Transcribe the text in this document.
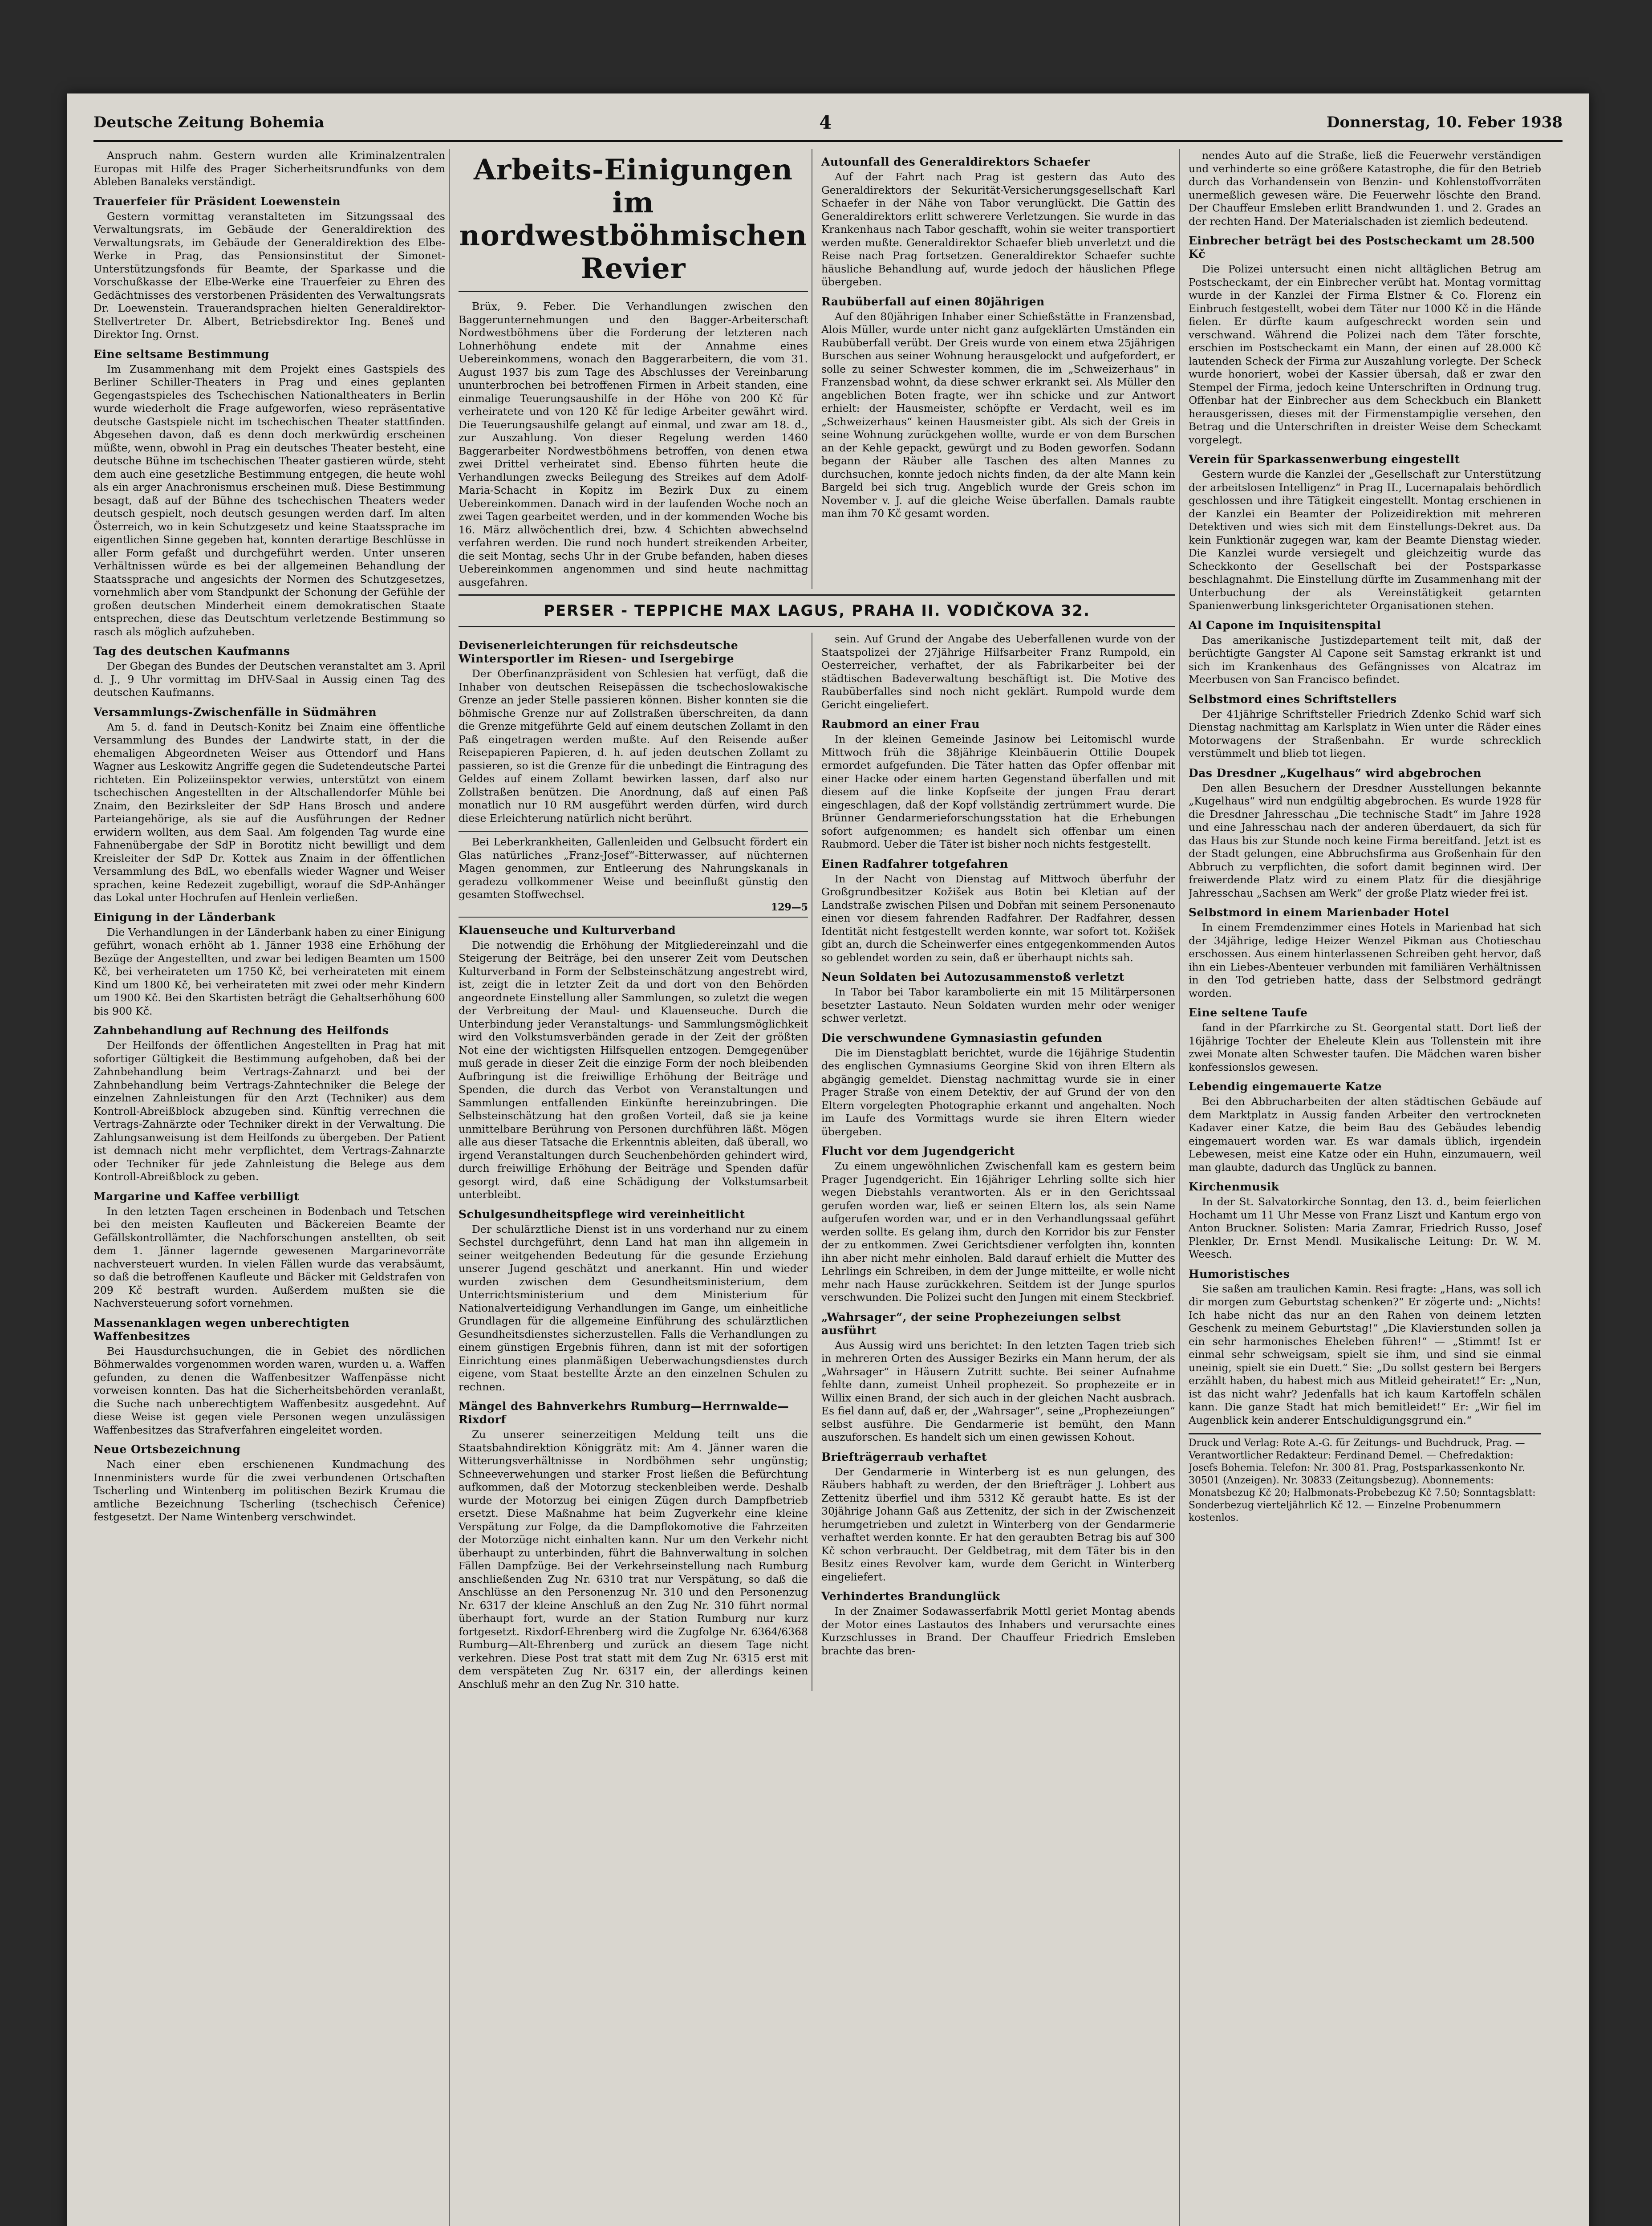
Deutsche Zeitung Bohemia	4	Donnerstag, 10. Feber 1938

Anspruch nahm. Gestern wurden alle Kriminalzentralen Europas mit Hilfe des Prager Sicherheitsrundfunks von dem Ableben Banaleks verständigt.

Trauerfeier für Präsident Loewenstein

Gestern vormittag veranstalteten im Sitzungssaal des Verwaltungsrats, im Gebäude der Generaldirektion des Verwaltungsrats, im Gebäude der Generaldirektion des Elbe-Werke in Prag, das Pensionsinstitut der Simonet-Unterstützungsfonds für Beamte, der Sparkasse und die Vorschußkasse der Elbe-Werke eine Trauerfeier zu Ehren des Gedächtnisses des verstorbenen Präsidenten des Verwaltungsrats Dr. Loewenstein. Trauerandsprachen hielten Generaldirektor-Stellvertreter Dr. Albert, Betriebsdirektor Ing. Beneš und Direktor Ing. Ornst.

Eine seltsame Bestimmung

Im Zusammenhang mit dem Projekt eines Gastspiels des Berliner Schiller-Theaters in Prag und eines geplanten Gegengastspieles des Tschechischen Nationaltheaters in Berlin wurde wiederholt die Frage aufgeworfen, wieso repräsentative deutsche Gastspiele nicht im tschechischen Theater stattfinden. Abgesehen davon, daß es denn doch merkwürdig erscheinen müßte, wenn, obwohl in Prag ein deutsches Theater besteht, eine deutsche Bühne im tschechischen Theater gastieren würde, steht dem auch eine gesetzliche Bestimmung entgegen, die heute wohl als ein arger Anachronismus erscheinen muß. Diese Bestimmung besagt, daß auf der Bühne des tschechischen Theaters weder deutsch gespielt, noch deutsch gesungen werden darf. Im alten Österreich, wo in kein Schutzgesetz und keine Staatssprache im eigentlichen Sinne gegeben hat, konnten derartige Beschlüsse in aller Form gefaßt und durchgeführt werden. Unter unseren Verhältnissen würde es bei der allgemeinen Behandlung der Staatssprache und angesichts der Normen des Schutzgesetzes, vornehmlich aber vom Standpunkt der Schonung der Gefühle der großen deutschen Minderheit einem demokratischen Staate entsprechen, diese das Deutschtum verletzende Bestimmung so rasch als möglich aufzuheben.

Tag des deutschen Kaufmanns

Der Gbegan des Bundes der Deutschen veranstaltet am 3. April d. J., 9 Uhr vormittag im DHV-Saal in Aussig einen Tag des deutschen Kaufmanns.

Versammlungs-Zwischenfälle in Südmähren

Am 5. d. fand in Deutsch-Konitz bei Znaim eine öffentliche Versammlung des Bundes der Landwirte statt, in der die ehemaligen Abgeordneten Weiser aus Ottendorf und Hans Wagner aus Leskowitz Angriffe gegen die Sudetendeutsche Partei richteten. Ein Polizeiinspektor verwies, unterstützt von einem tschechischen Angestellten in der Altschallendorfer Mühle bei Znaim, den Bezirksleiter der SdP Hans Brosch und andere Parteiangehörige, als sie auf die Ausführungen der Redner erwidern wollten, aus dem Saal. Am folgenden Tag wurde eine Fahnenübergabe der SdP in Borotitz nicht bewilligt und dem Kreisleiter der SdP Dr. Kottek aus Znaim in der öffentlichen Versammlung des BdL, wo ebenfalls wieder Wagner und Weiser sprachen, keine Redezeit zugebilligt, worauf die SdP-Anhänger das Lokal unter Hochrufen auf Henlein verließen.

Einigung in der Länderbank

Die Verhandlungen in der Länderbank haben zu einer Einigung geführt, wonach erhöht ab 1. Jänner 1938 eine Erhöhung der Bezüge der Angestellten, und zwar bei ledigen Beamten um 1500 Kč, bei verheirateten um 1750 Kč, bei verheirateten mit einem Kind um 1800 Kč, bei verheirateten mit zwei oder mehr Kindern um 1900 Kč. Bei den Skartisten beträgt die Gehaltserhöhung 600 bis 900 Kč.

Zahnbehandlung auf Rechnung des Heilfonds

Der Heilfonds der öffentlichen Angestellten in Prag hat mit sofortiger Gültigkeit die Bestimmung aufgehoben, daß bei der Zahnbehandlung beim Vertrags-Zahnarzt und bei der Zahnbehandlung beim Vertrags-Zahntechniker die Belege der einzelnen Zahnleistungen für den Arzt (Techniker) aus dem Kontroll-Abreißblock abzugeben sind. Künftig verrechnen die Vertrags-Zahnärzte oder Techniker direkt in der Verwaltung. Die Zahlungsanweisung ist dem Heilfonds zu übergeben. Der Patient ist demnach nicht mehr verpflichtet, dem Vertrags-Zahnarzte oder Techniker für jede Zahnleistung die Belege aus dem Kontroll-Abreißblock zu geben.

Margarine und Kaffee verbilligt

In den letzten Tagen erscheinen in Bodenbach und Tetschen bei den meisten Kaufleuten und Bäckereien Beamte der Gefällskontrollämter, die Nachforschungen anstellten, ob seit dem 1. Jänner lagernde gewesenen Margarinevorräte nachversteuert wurden. In vielen Fällen wurde das verabsäumt, so daß die betroffenen Kaufleute und Bäcker mit Geldstrafen von 209 Kč bestraft wurden. Außerdem mußten sie die Nachversteuerung sofort vornehmen.

Massenanklagen wegen unberechtigten Waffenbesitzes

Bei Hausdurchsuchungen, die in Gebiet des nördlichen Böhmerwaldes vorgenommen worden waren, wurden u. a. Waffen gefunden, zu denen die Waffenbesitzer Waffenpässe nicht vorweisen konnten. Das hat die Sicherheitsbehörden veranlaßt, die Suche nach unberechtigtem Waffenbesitz ausgedehnt. Auf diese Weise ist gegen viele Personen wegen unzulässigen Waffenbesitzes das Strafverfahren eingeleitet worden.

Neue Ortsbezeichnung

Nach einer eben erschienenen Kundmachung des Innenministers wurde für die zwei verbundenen Ortschaften Tscherling und Wintenberg im politischen Bezirk Krumau die amtliche Bezeichnung Tscherling (tschechisch Čeřenice) festgesetzt. Der Name Wintenberg verschwindet.

Arbeits-Einigungen im nordwestböhmischen Revier

Brüx, 9. Feber. Die Verhandlungen zwischen den Baggerunternehmungen und den Bagger-Arbeiterschaft Nordwestböhmens über die Forderung der letzteren nach Lohnerhöhung endete mit der Annahme eines Uebereinkommens, wonach den Baggerarbeitern, die vom 31. August 1937 bis zum Tage des Abschlusses der Vereinbarung ununterbrochen bei betroffenen Firmen in Arbeit standen, eine einmalige Teuerungsaushilfe in der Höhe von 200 Kč für verheiratete und von 120 Kč für ledige Arbeiter gewährt wird. Die Teuerungsaushilfe gelangt auf einmal, und zwar am 18. d., zur Auszahlung. Von dieser Regelung werden 1460 Baggerarbeiter Nordwestböhmens betroffen, von denen etwa zwei Drittel verheiratet sind. Ebenso führten heute die Verhandlungen zwecks Beilegung des Streikes auf dem Adolf-Maria-Schacht in Kopitz im Bezirk Dux zu einem Uebereinkommen. Danach wird in der laufenden Woche noch an zwei Tagen gearbeitet werden, und in der kommenden Woche bis 16. März allwöchentlich drei, bzw. 4 Schichten abwechselnd verfahren werden. Die rund noch hundert streikenden Arbeiter, die seit Montag, sechs Uhr in der Grube befanden, haben dieses Uebereinkommen angenommen und sind heute nachmittag ausgefahren.

Autounfall des Generaldirektors Schaefer

Auf der Fahrt nach Prag ist gestern das Auto des Generaldirektors der Sekurität-Versicherungsgesellschaft Karl Schaefer in der Nähe von Tabor verunglückt. Die Gattin des Generaldirektors erlitt schwerere Verletzungen. Sie wurde in das Krankenhaus nach Tabor geschafft, wohin sie weiter transportiert werden mußte. Generaldirektor Schaefer blieb unverletzt und die Reise nach Prag fortsetzen. Generaldirektor Schaefer suchte häusliche Behandlung auf, wurde jedoch der häuslichen Pflege übergeben.

Raubüberfall auf einen 80jährigen

Auf den 80jährigen Inhaber einer Schießstätte in Franzensbad, Alois Müller, wurde unter nicht ganz aufgeklärten Umständen ein Raubüberfall verübt. Der Greis wurde von einem etwa 25jährigen Burschen aus seiner Wohnung herausgelockt und aufgefordert, er solle zu seiner Schwester kommen, die im „Schweizerhaus“ in Franzensbad wohnt, da diese schwer erkrankt sei. Als Müller den angeblichen Boten fragte, wer ihn schicke und zur Antwort erhielt: der Hausmeister, schöpfte er Verdacht, weil es im „Schweizerhaus“ keinen Hausmeister gibt. Als sich der Greis in seine Wohnung zurückgehen wollte, wurde er von dem Burschen an der Kehle gepackt, gewürgt und zu Boden geworfen. Sodann begann der Räuber alle Taschen des alten Mannes zu durchsuchen, konnte jedoch nichts finden, da der alte Mann kein Bargeld bei sich trug. Angeblich wurde der Greis schon im November v. J. auf die gleiche Weise überfallen. Damals raubte man ihm 70 Kč gesamt worden.

PERSER - TEPPICHE MAX LAGUS, PRAHA II. VODIČKOVA 32.
Devisenerleichterungen für reichsdeutsche Wintersportler im Riesen- und Isergebirge

Der Oberfinanzpräsident von Schlesien hat verfügt, daß die Inhaber von deutschen Reisepässen die tschechoslowakische Grenze an jeder Stelle passieren können. Bisher konnten sie die böhmische Grenze nur auf Zollstraßen überschreiten, da dann die Grenze mitgeführte Geld auf einem deutschen Zollamt in den Paß eingetragen werden mußte. Auf den Reisende außer Reisepapieren Papieren, d. h. auf jeden deutschen Zollamt zu passieren, so ist die Grenze für die unbedingt die Eintragung des Geldes auf einem Zollamt bewirken lassen, darf also nur Zollstraßen benützen. Die Anordnung, daß auf einen Paß monatlich nur 10 RM ausgeführt werden dürfen, wird durch diese Erleichterung natürlich nicht berührt.

Bei Leberkrankheiten, Gallenleiden und Gelbsucht fördert ein Glas natürliches „Franz-Josef“-Bitterwasser, auf nüchternen Magen genommen, zur Entleerung des Nahrungskanals in geradezu vollkommener Weise und beeinflußt günstig den gesamten Stoffwechsel.

129—5
Klauenseuche und Kulturverband

Die notwendig die Erhöhung der Mitgliedereinzahl und die Steigerung der Beiträge, bei den unserer Zeit vom Deutschen Kulturverband in Form der Selbsteinschätzung angestrebt wird, ist, zeigt die in letzter Zeit da und dort von den Behörden angeordnete Einstellung aller Sammlungen, so zuletzt die wegen der Verbreitung der Maul- und Klauenseuche. Durch die Unterbindung jeder Veranstaltungs- und Sammlungsmöglichkeit wird den Volkstumsverbänden gerade in der Zeit der größten Not eine der wichtigsten Hilfsquellen entzogen. Demgegenüber muß gerade in dieser Zeit die einzige Form der noch bleibenden Aufbringung ist die freiwillige Erhöhung der Beiträge und Spenden, die durch das Verbot von Veranstaltungen und Sammlungen entfallenden Einkünfte hereinzubringen. Die Selbsteinschätzung hat den großen Vorteil, daß sie ja keine unmittelbare Berührung von Personen durchführen läßt. Mögen alle aus dieser Tatsache die Erkenntnis ableiten, daß überall, wo irgend Veranstaltungen durch Seuchenbehörden gehindert wird, durch freiwillige Erhöhung der Beiträge und Spenden dafür gesorgt wird, daß eine Schädigung der Volkstumsarbeit unterbleibt.

Schulgesundheitspflege wird vereinheitlicht

Der schulärztliche Dienst ist in uns vorderhand nur zu einem Sechstel durchgeführt, denn Land hat man ihn allgemein in seiner weitgehenden Bedeutung für die gesunde Erziehung unserer Jugend geschätzt und anerkannt. Hin und wieder wurden zwischen dem Gesundheitsministerium, dem Unterrichtsministerium und dem Ministerium für Nationalverteidigung Verhandlungen im Gange, um einheitliche Grundlagen für die allgemeine Einführung des schulärztlichen Gesundheitsdienstes sicherzustellen. Falls die Verhandlungen zu einem günstigen Ergebnis führen, dann ist mit der sofortigen Einrichtung eines planmäßigen Ueberwachungsdienstes durch eigene, vom Staat bestellte Ärzte an den einzelnen Schulen zu rechnen.

Mängel des Bahnverkehrs Rumburg—Herrnwalde—Rixdorf

Zu unserer seinerzeitigen Meldung teilt uns die Staatsbahndirektion Königgrätz mit: Am 4. Jänner waren die Witterungsverhältnisse in Nordböhmen sehr ungünstig; Schneeverwehungen und starker Frost ließen die Befürchtung aufkommen, daß der Motorzug steckenbleiben werde. Deshalb wurde der Motorzug bei einigen Zügen durch Dampfbetrieb ersetzt. Diese Maßnahme hat beim Zugverkehr eine kleine Verspätung zur Folge, da die Dampflokomotive die Fahrzeiten der Motorzüge nicht einhalten kann. Nur um den Verkehr nicht überhaupt zu unterbinden, führt die Bahnverwaltung in solchen Fällen Dampfzüge. Bei der Verkehrseinstellung nach Rumburg anschließenden Zug Nr. 6310 trat nur Verspätung, so daß die Anschlüsse an den Personenzug Nr. 310 und den Personenzug Nr. 6317 der kleine Anschluß an den Zug Nr. 310 führt normal überhaupt fort, wurde an der Station Rumburg nur kurz fortgesetzt. Rixdorf-Ehrenberg wird die Zugfolge Nr. 6364/6368 Rumburg—Alt-Ehrenberg und zurück an diesem Tage nicht verkehren. Diese Post trat statt mit dem Zug Nr. 6315 erst mit dem verspäteten Zug Nr. 6317 ein, der allerdings keinen Anschluß mehr an den Zug Nr. 310 hatte.

sein. Auf Grund der Angabe des Ueberfallenen wurde von der Staatspolizei der 27jährige Hilfsarbeiter Franz Rumpold, ein Oesterreicher, verhaftet, der als Fabrikarbeiter bei der städtischen Badeverwaltung beschäftigt ist. Die Motive des Raubüberfalles sind noch nicht geklärt. Rumpold wurde dem Gericht eingeliefert.

Raubmord an einer Frau

In der kleinen Gemeinde Jasinow bei Leitomischl wurde Mittwoch früh die 38jährige Kleinbäuerin Ottilie Doupek ermordet aufgefunden. Die Täter hatten das Opfer offenbar mit einer Hacke oder einem harten Gegenstand überfallen und mit diesem auf die linke Kopfseite der jungen Frau derart eingeschlagen, daß der Kopf vollständig zertrümmert wurde. Die Brünner Gendarmerieforschungsstation hat die Erhebungen sofort aufgenommen; es handelt sich offenbar um einen Raubmord. Ueber die Täter ist bisher noch nichts festgestellt.

Einen Radfahrer totgefahren

In der Nacht von Dienstag auf Mittwoch überfuhr der Großgrundbesitzer Kožišek aus Botin bei Kletian auf der Landstraße zwischen Pilsen und Dobřan mit seinem Personenauto einen vor diesem fahrenden Radfahrer. Der Radfahrer, dessen Identität nicht festgestellt werden konnte, war sofort tot. Kožišek gibt an, durch die Scheinwerfer eines entgegenkommenden Autos so geblendet worden zu sein, daß er überhaupt nichts sah.

Neun Soldaten bei Autozusammenstoß verletzt

In Tabor bei Tabor karambolierte ein mit 15 Militärpersonen besetzter Lastauto. Neun Soldaten wurden mehr oder weniger schwer verletzt.

Die verschwundene Gymnasiastin gefunden

Die im Dienstagblatt berichtet, wurde die 16jährige Studentin des englischen Gymnasiums Georgine Skid von ihren Eltern als abgängig gemeldet. Dienstag nachmittag wurde sie in einer Prager Straße von einem Detektiv, der auf Grund der von den Eltern vorgelegten Photographie erkannt und angehalten. Noch im Laufe des Vormittags wurde sie ihren Eltern wieder übergeben.

Flucht vor dem Jugendgericht

Zu einem ungewöhnlichen Zwischenfall kam es gestern beim Prager Jugendgericht. Ein 16jähriger Lehrling sollte sich hier wegen Diebstahls verantworten. Als er in den Gerichtssaal gerufen worden war, ließ er seinen Eltern los, als sein Name aufgerufen worden war, und er in den Verhandlungssaal geführt werden sollte. Es gelang ihm, durch den Korridor bis zur Fenster der zu entkommen. Zwei Gerichtsdiener verfolgten ihn, konnten ihn aber nicht mehr einholen. Bald darauf erhielt die Mutter des Lehrlings ein Schreiben, in dem der Junge mitteilte, er wolle nicht mehr nach Hause zurückkehren. Seitdem ist der Junge spurlos verschwunden. Die Polizei sucht den Jungen mit einem Steckbrief.

„Wahrsager“, der seine Prophezeiungen selbst ausführt

Aus Aussig wird uns berichtet: In den letzten Tagen trieb sich in mehreren Orten des Aussiger Bezirks ein Mann herum, der als „Wahrsager“ in Häusern Zutritt suchte. Bei seiner Aufnahme fehlte dann, zumeist Unheil prophezeit. So prophezeite er in Willix einen Brand, der sich auch in der gleichen Nacht ausbrach. Es fiel dann auf, daß er, der „Wahrsager“, seine „Prophezeiungen“ selbst ausführe. Die Gendarmerie ist bemüht, den Mann auszuforschen. Es handelt sich um einen gewissen Kohout.

Briefträgerraub verhaftet

Der Gendarmerie in Winterberg ist es nun gelungen, des Räubers habhaft zu werden, der den Briefträger J. Lohbert aus Zettenitz überfiel und ihm 5312 Kč geraubt hatte. Es ist der 30jährige Johann Gaß aus Zettenitz, der sich in der Zwischenzeit herumgetrieben und zuletzt in Winterberg von der Gendarmerie verhaftet werden konnte. Er hat den geraubten Betrag bis auf 300 Kč schon verbraucht. Der Geldbetrag, mit dem Täter bis in den Besitz eines Revolver kam, wurde dem Gericht in Winterberg eingeliefert.

Verhindertes Brandunglück

In der Znaimer Sodawasserfabrik Mottl geriet Montag abends der Motor eines Lastautos des Inhabers und verursachte eines Kurzschlusses in Brand. Der Chauffeur Friedrich Emsleben brachte das bren-

nendes Auto auf die Straße, ließ die Feuerwehr verständigen und verhinderte so eine größere Katastrophe, die für den Betrieb durch das Vorhandensein von Benzin- und Kohlenstoffvorräten unermeßlich gewesen wäre. Die Feuerwehr löschte den Brand. Der Chauffeur Emsleben erlitt Brandwunden 1. und 2. Grades an der rechten Hand. Der Materialschaden ist ziemlich bedeutend.

Einbrecher beträgt bei des Postscheckamt um 28.500 Kč

Die Polizei untersucht einen nicht alltäglichen Betrug am Postscheckamt, der ein Einbrecher verübt hat. Montag vormittag wurde in der Kanzlei der Firma Elstner & Co. Florenz ein Einbruch festgestellt, wobei dem Täter nur 1000 Kč in die Hände fielen. Er dürfte kaum aufgeschreckt worden sein und verschwand. Während die Polizei nach dem Täter forschte, erschien im Postscheckamt ein Mann, der einen auf 28.000 Kč lautenden Scheck der Firma zur Auszahlung vorlegte. Der Scheck wurde honoriert, wobei der Kassier übersah, daß er zwar den Stempel der Firma, jedoch keine Unterschriften in Ordnung trug. Offenbar hat der Einbrecher aus dem Scheckbuch ein Blankett herausgerissen, dieses mit der Firmenstampiglie versehen, den Betrag und die Unterschriften in dreister Weise dem Scheckamt vorgelegt.

Verein für Sparkassenwerbung eingestellt

Gestern wurde die Kanzlei der „Gesellschaft zur Unterstützung der arbeitslosen Intelligenz“ in Prag II., Lucernapalais behördlich geschlossen und ihre Tätigkeit eingestellt. Montag erschienen in der Kanzlei ein Beamter der Polizeidirektion mit mehreren Detektiven und wies sich mit dem Einstellungs-Dekret aus. Da kein Funktionär zugegen war, kam der Beamte Dienstag wieder. Die Kanzlei wurde versiegelt und gleichzeitig wurde das Scheckkonto der Gesellschaft bei der Postsparkasse beschlagnahmt. Die Einstellung dürfte im Zusammenhang mit der Unterbuchung der als Vereinstätigkeit getarnten Spanienwerbung linksgerichteter Organisationen stehen.

Al Capone im Inquisitenspital

Das amerikanische Justizdepartement teilt mit, daß der berüchtigte Gangster Al Capone seit Samstag erkrankt ist und sich im Krankenhaus des Gefängnisses von Alcatraz im Meerbusen von San Francisco befindet.

Selbstmord eines Schriftstellers

Der 41jährige Schriftsteller Friedrich Zdenko Schid warf sich Dienstag nachmittag am Karlsplatz in Wien unter die Räder eines Motorwagens der Straßenbahn. Er wurde schrecklich verstümmelt und blieb tot liegen.

Das Dresdner „Kugelhaus“ wird abgebrochen

Den allen Besuchern der Dresdner Ausstellungen bekannte „Kugelhaus“ wird nun endgültig abgebrochen. Es wurde 1928 für die Dresdner Jahresschau „Die technische Stadt“ im Jahre 1928 und eine Jahresschau nach der anderen überdauert, da sich für das Haus bis zur Stunde noch keine Firma bereitfand. Jetzt ist es der Stadt gelungen, eine Abbruchsfirma aus Großenhain für den Abbruch zu verpflichten, die sofort damit beginnen wird. Der freiwerdende Platz wird zu einem Platz für die diesjährige Jahresschau „Sachsen am Werk“ der große Platz wieder frei ist.

Selbstmord in einem Marienbader Hotel

In einem Fremdenzimmer eines Hotels in Marienbad hat sich der 34jährige, ledige Heizer Wenzel Pikman aus Chotieschau erschossen. Aus einem hinterlassenen Schreiben geht hervor, daß ihn ein Liebes-Abenteuer verbunden mit familiären Verhältnissen in den Tod getrieben hatte, dass der Selbstmord gedrängt worden.

Eine seltene Taufe

fand in der Pfarrkirche zu St. Georgental statt. Dort ließ der 16jährige Tochter der Eheleute Klein aus Tollenstein mit ihre zwei Monate alten Schwester taufen. Die Mädchen waren bisher konfessionslos gewesen.

Lebendig eingemauerte Katze

Bei den Abbrucharbeiten der alten städtischen Gebäude auf dem Marktplatz in Aussig fanden Arbeiter den vertrockneten Kadaver einer Katze, die beim Bau des Gebäudes lebendig eingemauert worden war. Es war damals üblich, irgendein Lebewesen, meist eine Katze oder ein Huhn, einzumauern, weil man glaubte, dadurch das Unglück zu bannen.

Kirchenmusik

In der St. Salvatorkirche Sonntag, den 13. d., beim feierlichen Hochamt um 11 Uhr Messe von Franz Liszt und Kantum ergo von Anton Bruckner. Solisten: Maria Zamrar, Friedrich Russo, Josef Plenkler, Dr. Ernst Mendl. Musikalische Leitung: Dr. W. M. Weesch.

Humoristisches

Sie saßen am traulichen Kamin. Resi fragte: „Hans, was soll ich dir morgen zum Geburtstag schenken?“ Er zögerte und: „Nichts! Ich habe nicht das nur an den Rahen von deinem letzten Geschenk zu meinem Geburtstag!“ „Die Klavierstunden sollen ja ein sehr harmonisches Eheleben führen!“ — „Stimmt! Ist er einmal sehr schweigsam, spielt sie ihm, und sind sie einmal uneinig, spielt sie ein Duett.“ Sie: „Du sollst gestern bei Bergers erzählt haben, du habest mich aus Mitleid geheiratet!“ Er: „Nun, ist das nicht wahr? Jedenfalls hat ich kaum Kartoffeln schälen kann. Die ganze Stadt hat mich bemitleidet!“ Er: „Wir fiel im Augenblick kein anderer Entschuldigungsgrund ein.“

Druck und Verlag: Rote A.-G. für Zeitungs- und Buchdruck, Prag. — Verantwortlicher Redakteur: Ferdinand Demel. — Chefredaktion: Josefs Bohemia. Telefon: Nr. 300 81. Prag, Postsparkassenkonto Nr. 30501 (Anzeigen). Nr. 30833 (Zeitungsbezug). Abonnements: Monatsbezug Kč 20; Halbmonats-Probebezug Kč 7.50; Sonntagsblatt: Sonderbezug vierteljährlich Kč 12. — Einzelne Probenummern kostenlos.
